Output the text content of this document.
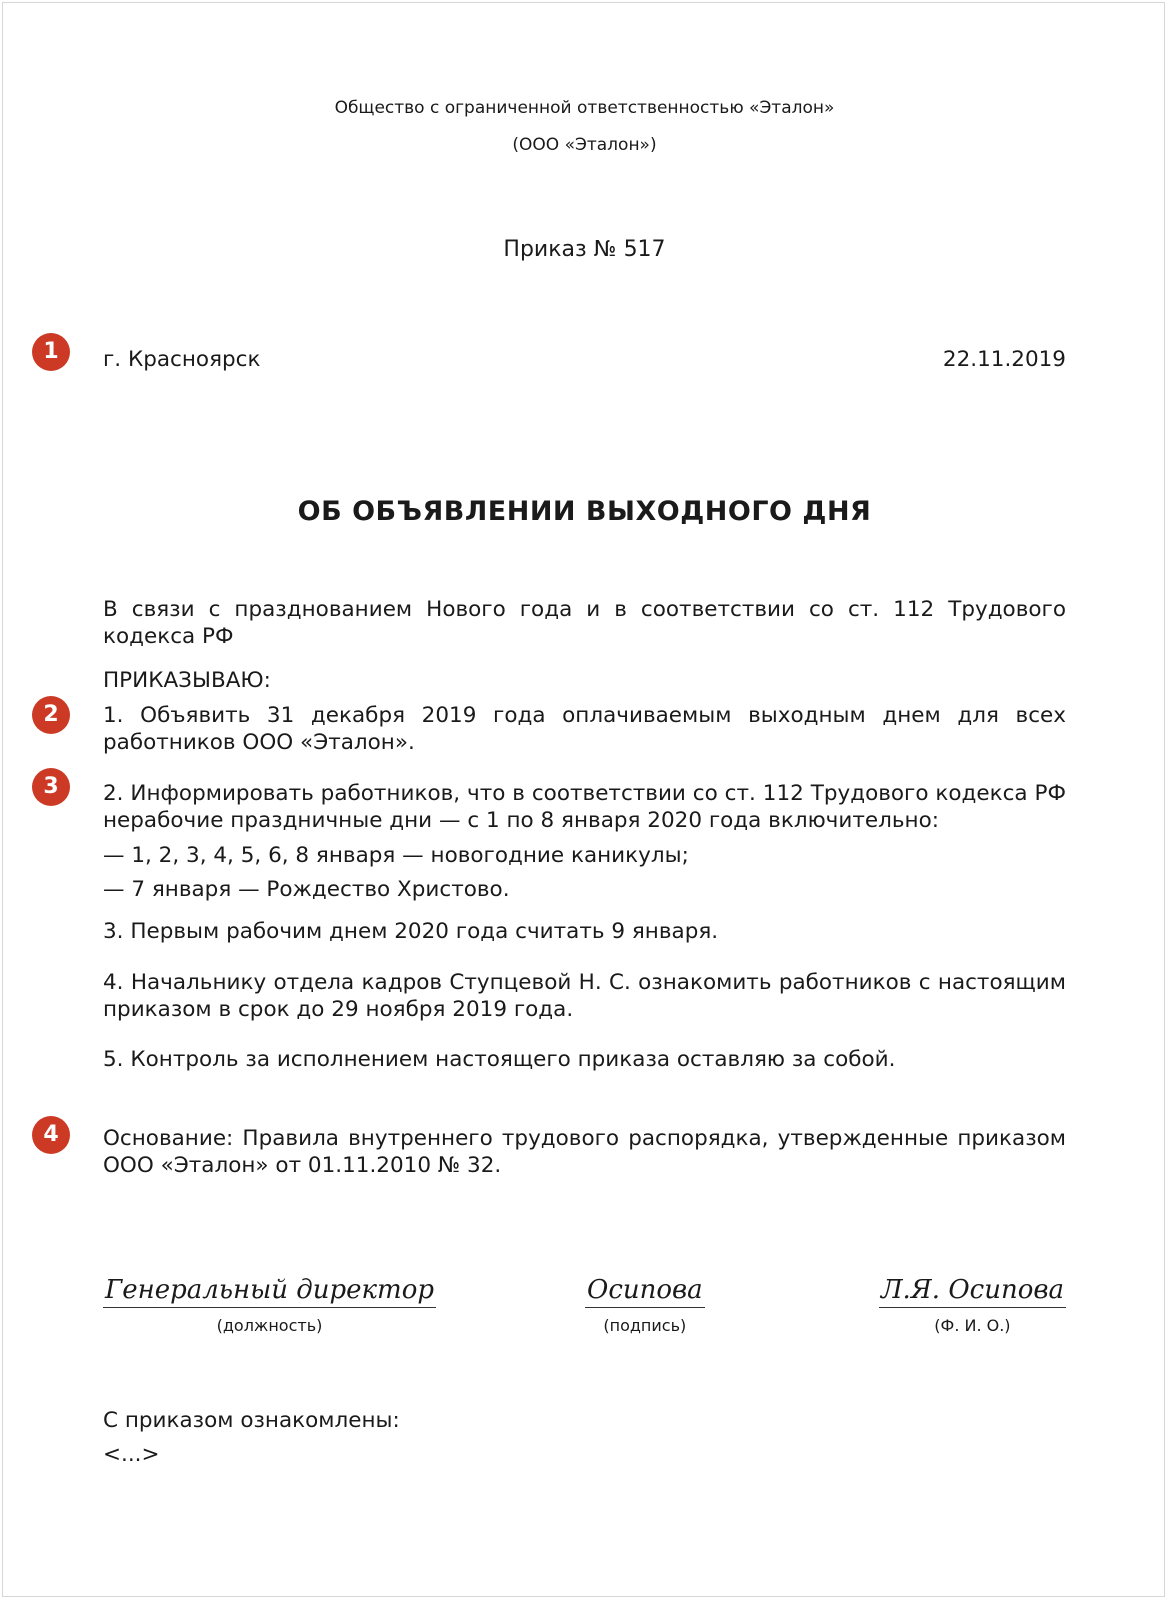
Общество с ограниченной ответственностью «Эталон»
(ООО «Эталон»)
Приказ № 517
1	г. Красноярск	22.11.2019
ОБ ОБЪЯВЛЕНИИ ВЫХОДНОГО ДНЯ
В связи с празднованием Нового года и в соответствии со ст. 112 Трудового кодекса РФ
ПРИКАЗЫВАЮ:
2	1. Объявить 31 декабря 2019 года оплачиваемым выходным днем для всех работников ООО «Эталон».
3	2. Информировать работников, что в соответствии со ст. 112 Трудового кодекса РФ нерабочие праздничные дни — с 1 по 8 января 2020 года включительно:
— 1, 2, 3, 4, 5, 6, 8 января — новогодние каникулы;
— 7 января — Рождество Христово.
3. Первым рабочим днем 2020 года считать 9 января.
4. Начальнику отдела кадров Ступцевой Н. С. ознакомить работников с настоящим приказом в срок до 29 ноября 2019 года.
5. Контроль за исполнением настоящего приказа оставляю за собой.
4	Основание: Правила внутреннего трудового распорядка, утвержденные приказом ООО «Эталон» от 01.11.2010 № 32.
Генеральный директор
(должность)
Осипова
(подпись)
Л.Я. Осипова
(Ф. И. О.)
С приказом ознакомлены:
<...>
